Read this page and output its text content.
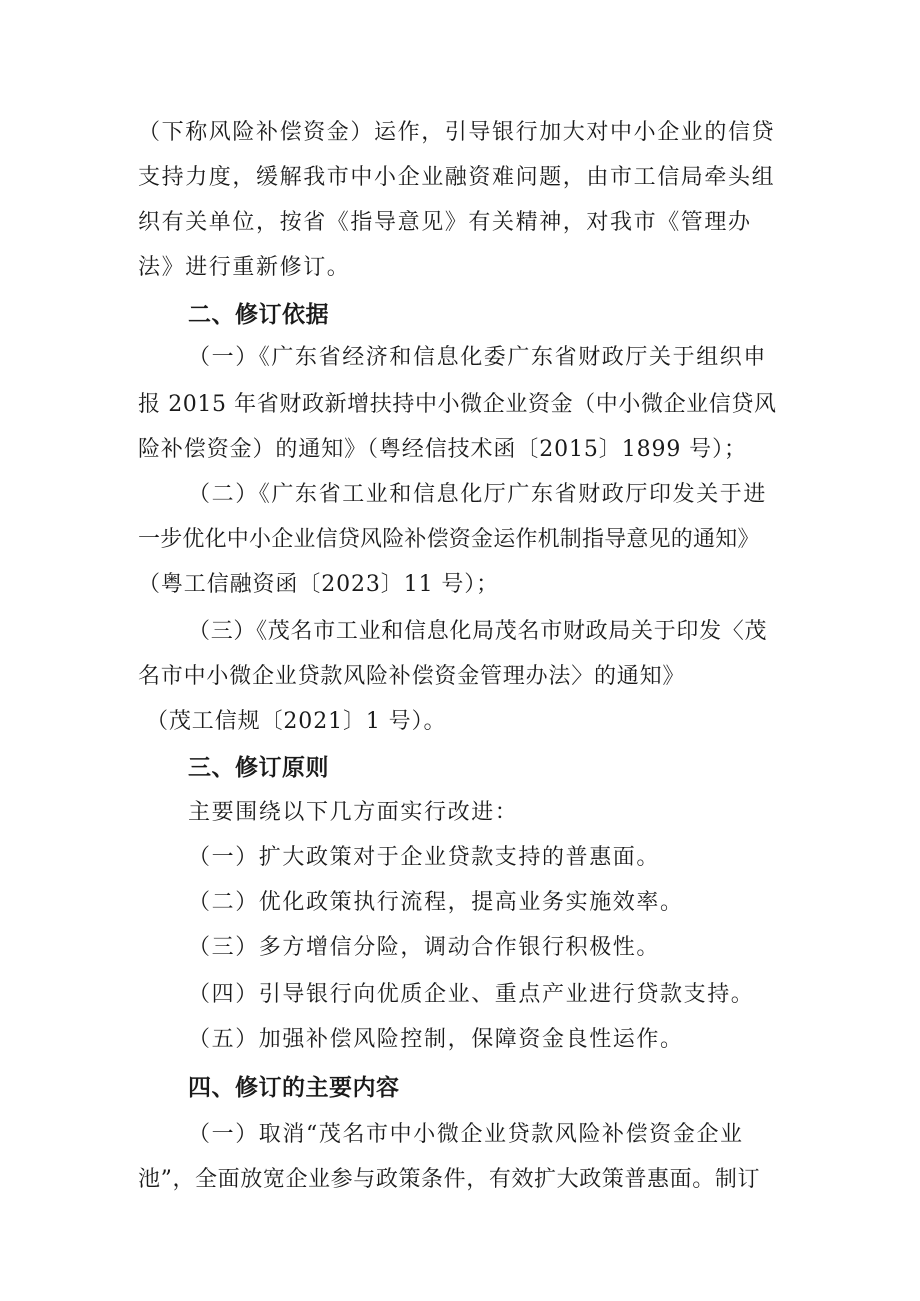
（下称风险补偿资金）运作，引导银行加大对中小企业的信贷
支持力度，缓解我市中小企业融资难问题，由市工信局牵头组
织有关单位，按省《指导意见》有关精神，对我市《管理办
法》进行重新修订。
二、修订依据
（一）《广东省经济和信息化委广东省财政厅关于组织申
报 2015 年省财政新增扶持中小微企业资金（中小微企业信贷风
险补偿资金）的通知》（粤经信技术函〔2015〕1899 号）；
（二）《广东省工业和信息化厅广东省财政厅印发关于进
一步优化中小企业信贷风险补偿资金运作机制指导意见的通知》
（粤工信融资函〔2023〕11 号）；
（三）《茂名市工业和信息化局茂名市财政局关于印发〈茂
名市中小微企业贷款风险补偿资金管理办法〉的通知》
（茂工信规〔2021〕1 号）。
三、修订原则
主要围绕以下几方面实行改进：
（一）扩大政策对于企业贷款支持的普惠面。
（二）优化政策执行流程，提高业务实施效率。
（三）多方增信分险，调动合作银行积极性。
（四）引导银行向优质企业、重点产业进行贷款支持。
（五）加强补偿风险控制，保障资金良性运作。
四、修订的主要内容
（一）取消“茂名市中小微企业贷款风险补偿资金企业
池”，全面放宽企业参与政策条件，有效扩大政策普惠面。制订
